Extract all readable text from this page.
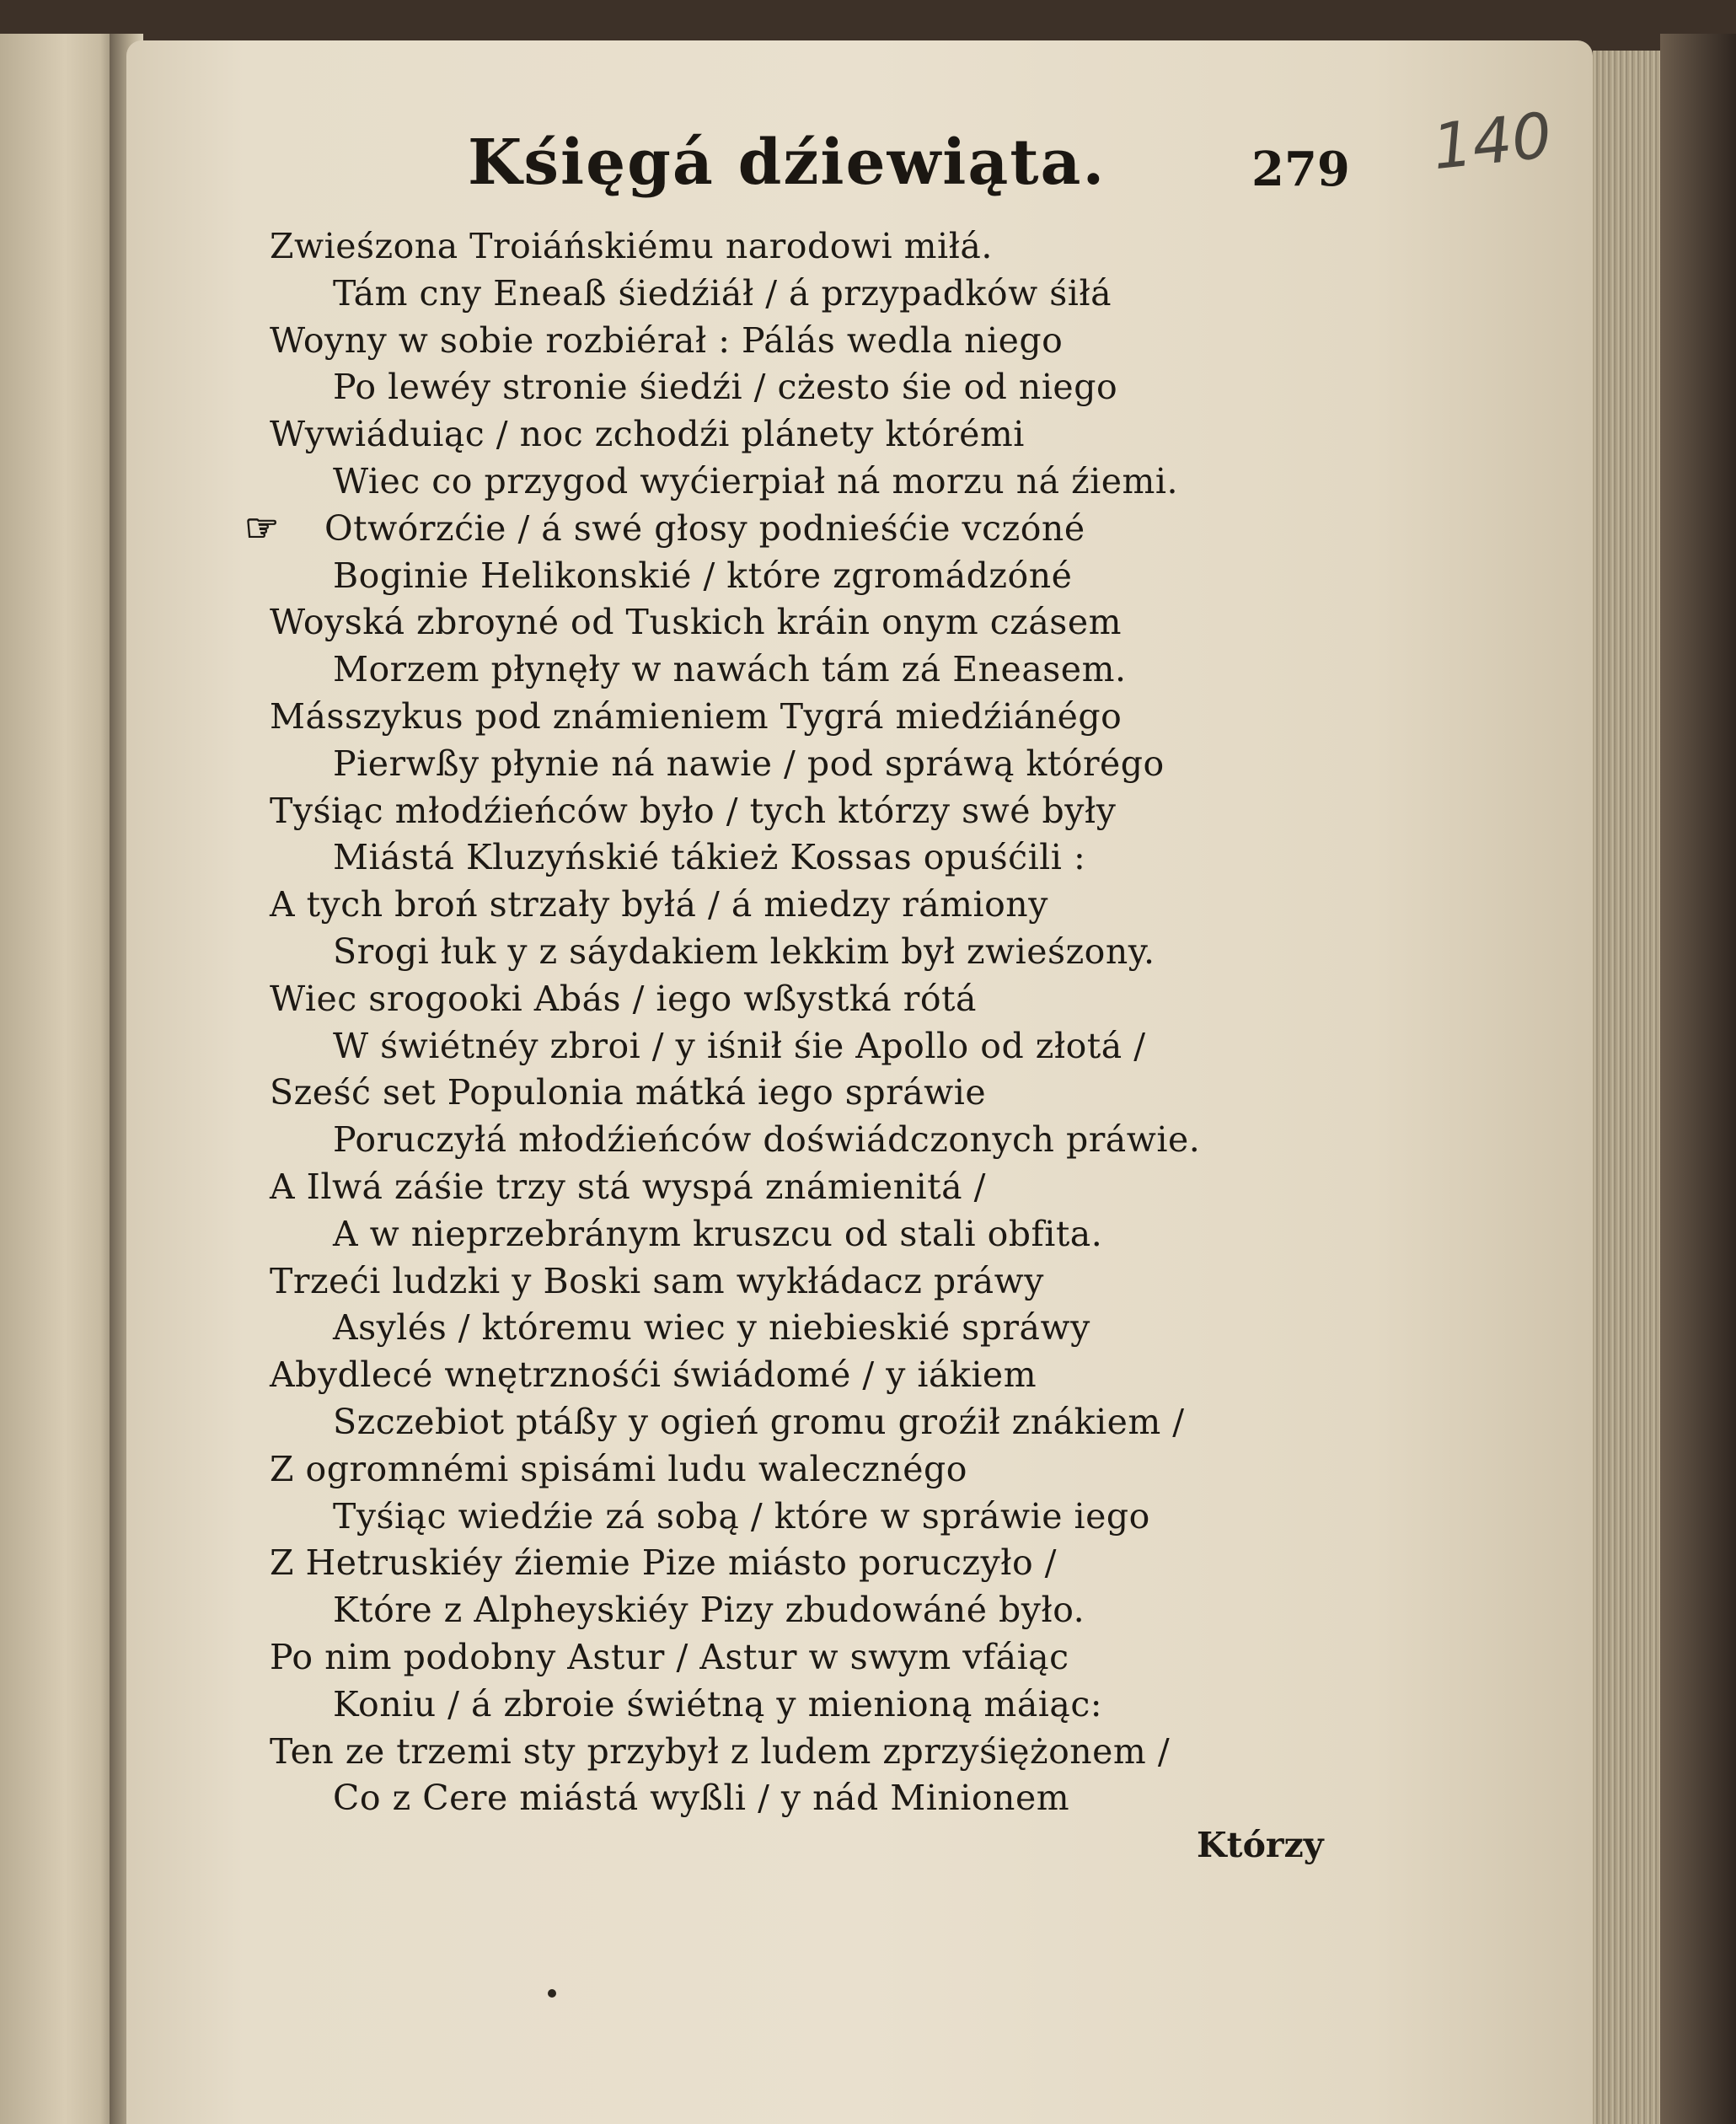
Kśięgá dźiewiąta.	279 140
Zwieśzona Troiáńskiému narodowi miłá.
Tám cny Eneaß śiedźiáł / á przypadków śiłá
Woyny w sobie rozbiérał : Pálás wedla niego
Po lewéy stronie śiedźi / cżesto śie od niego
Wywiáduiąc / noc zchodźi plánety którémi
Wiec co przygod wyćierpiał ná morzu ná źiemi.
☞ Otwórzćie / á swé głosy podnieśćie vczóné
Boginie Helikonskié / które zgromádzóné
Woyská zbroyné od Tuskich kráin onym czásem
Morzem płynęły w nawách tám zá Eneasem.
Másszykus pod známieniem Tygrá miedźiánégo
Pierwßy płynie ná nawie / pod spráwą którégo
Tyśiąc młodźieńców było / tych którzy swé były
Miástá Kluzyńskié tákież Kossas opuśćili :
A tych broń strzały byłá / á miedzy rámiony
Srogi łuk y z sáydakiem lekkim był zwieśzony.
Wiec srogooki Abás / iego wßystká rótá
W świétnéy zbroi / y iśnił śie Apollo od złotá /
Sześć set Populonia mátká iego spráwie
Poruczyłá młodźieńców doświádczonych práwie.
A Ilwá záśie trzy stá wyspá známienitá /
A w nieprzebránym kruszcu od stali obfita.
Trzeći ludzki y Boski sam wykłádacz práwy
Asylés / któremu wiec y niebieskié spráwy
Abydlecé wnętrznośći świádomé / y iákiem
Szczebiot ptáßy y ogień gromu groźił znákiem /
Z ogromnémi spisámi ludu walecznégo
Tyśiąc wiedźie zá sobą / które w spráwie iego
Z Hetruskiéy źiemie Pize miásto poruczyło /
Które z Alpheyskiéy Pizy zbudowáné było.
Po nim podobny Astur / Astur w swym vfáiąc
Koniu / á zbroie świétną y mienioną máiąc:
Ten ze trzemi sty przybył z ludem zprzyśiężonem /
Co z Cere miástá wyßli / y nád Minionem
Którzy
